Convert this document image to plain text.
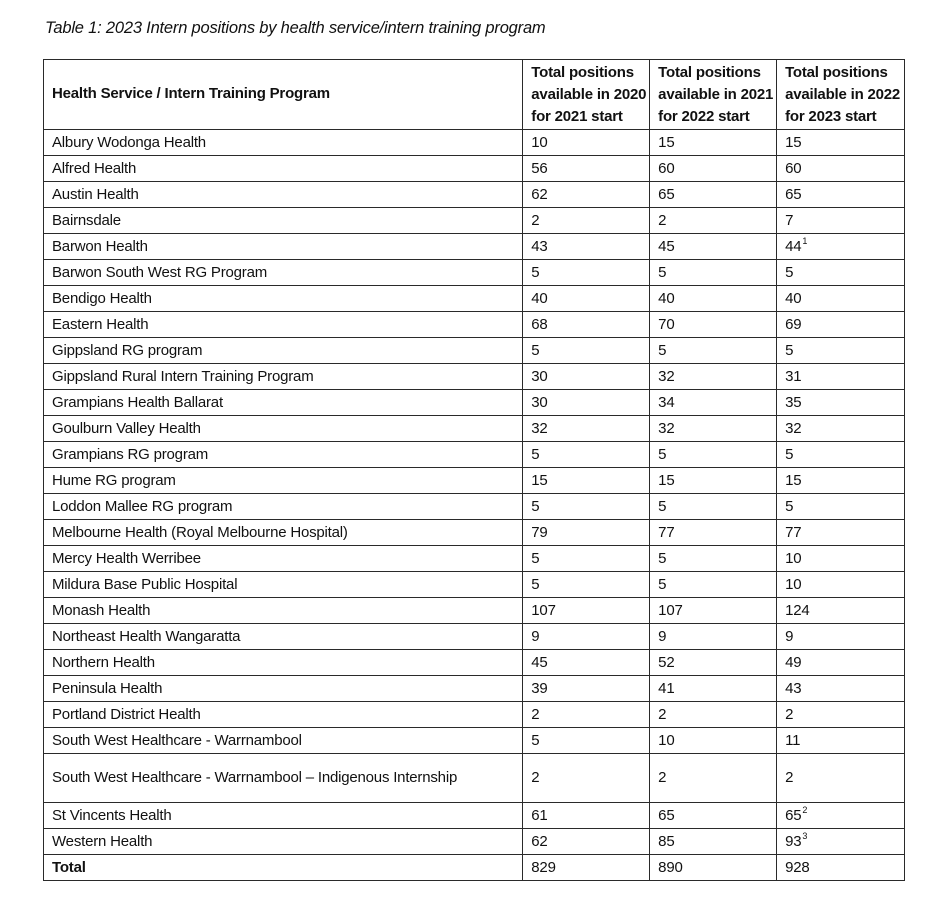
Table 1: 2023 Intern positions by health service/intern training program
Health Service / Intern Training Program	Total positions available in 2020 for 2021 start	Total positions available in 2021 for 2022 start	Total positions available in 2022 for 2023 start
Albury Wodonga Health	10	15	15
Alfred Health	56	60	60
Austin Health	62	65	65
Bairnsdale	2	2	7
Barwon Health	43	45	44$^1$
Barwon South West RG Program	5	5	5
Bendigo Health	40	40	40
Eastern Health	68	70	69
Gippsland RG program	5	5	5
Gippsland Rural Intern Training Program	30	32	31
Grampians Health Ballarat	30	34	35
Goulburn Valley Health	32	32	32
Grampians RG program	5	5	5
Hume RG program	15	15	15
Loddon Mallee RG program	5	5	5
Melbourne Health (Royal Melbourne Hospital)	79	77	77
Mercy Health Werribee	5	5	10
Mildura Base Public Hospital	5	5	10
Monash Health	107	107	124
Northeast Health Wangaratta	9	9	9
Northern Health	45	52	49
Peninsula Health	39	41	43
Portland District Health	2	2	2
South West Healthcare - Warrnambool	5	10	11
South West Healthcare - Warrnambool – Indigenous Internship	2	2	2
St Vincents Health	61	65	65$^2$
Western Health	62	85	93$^3$
Total	829	890	928
